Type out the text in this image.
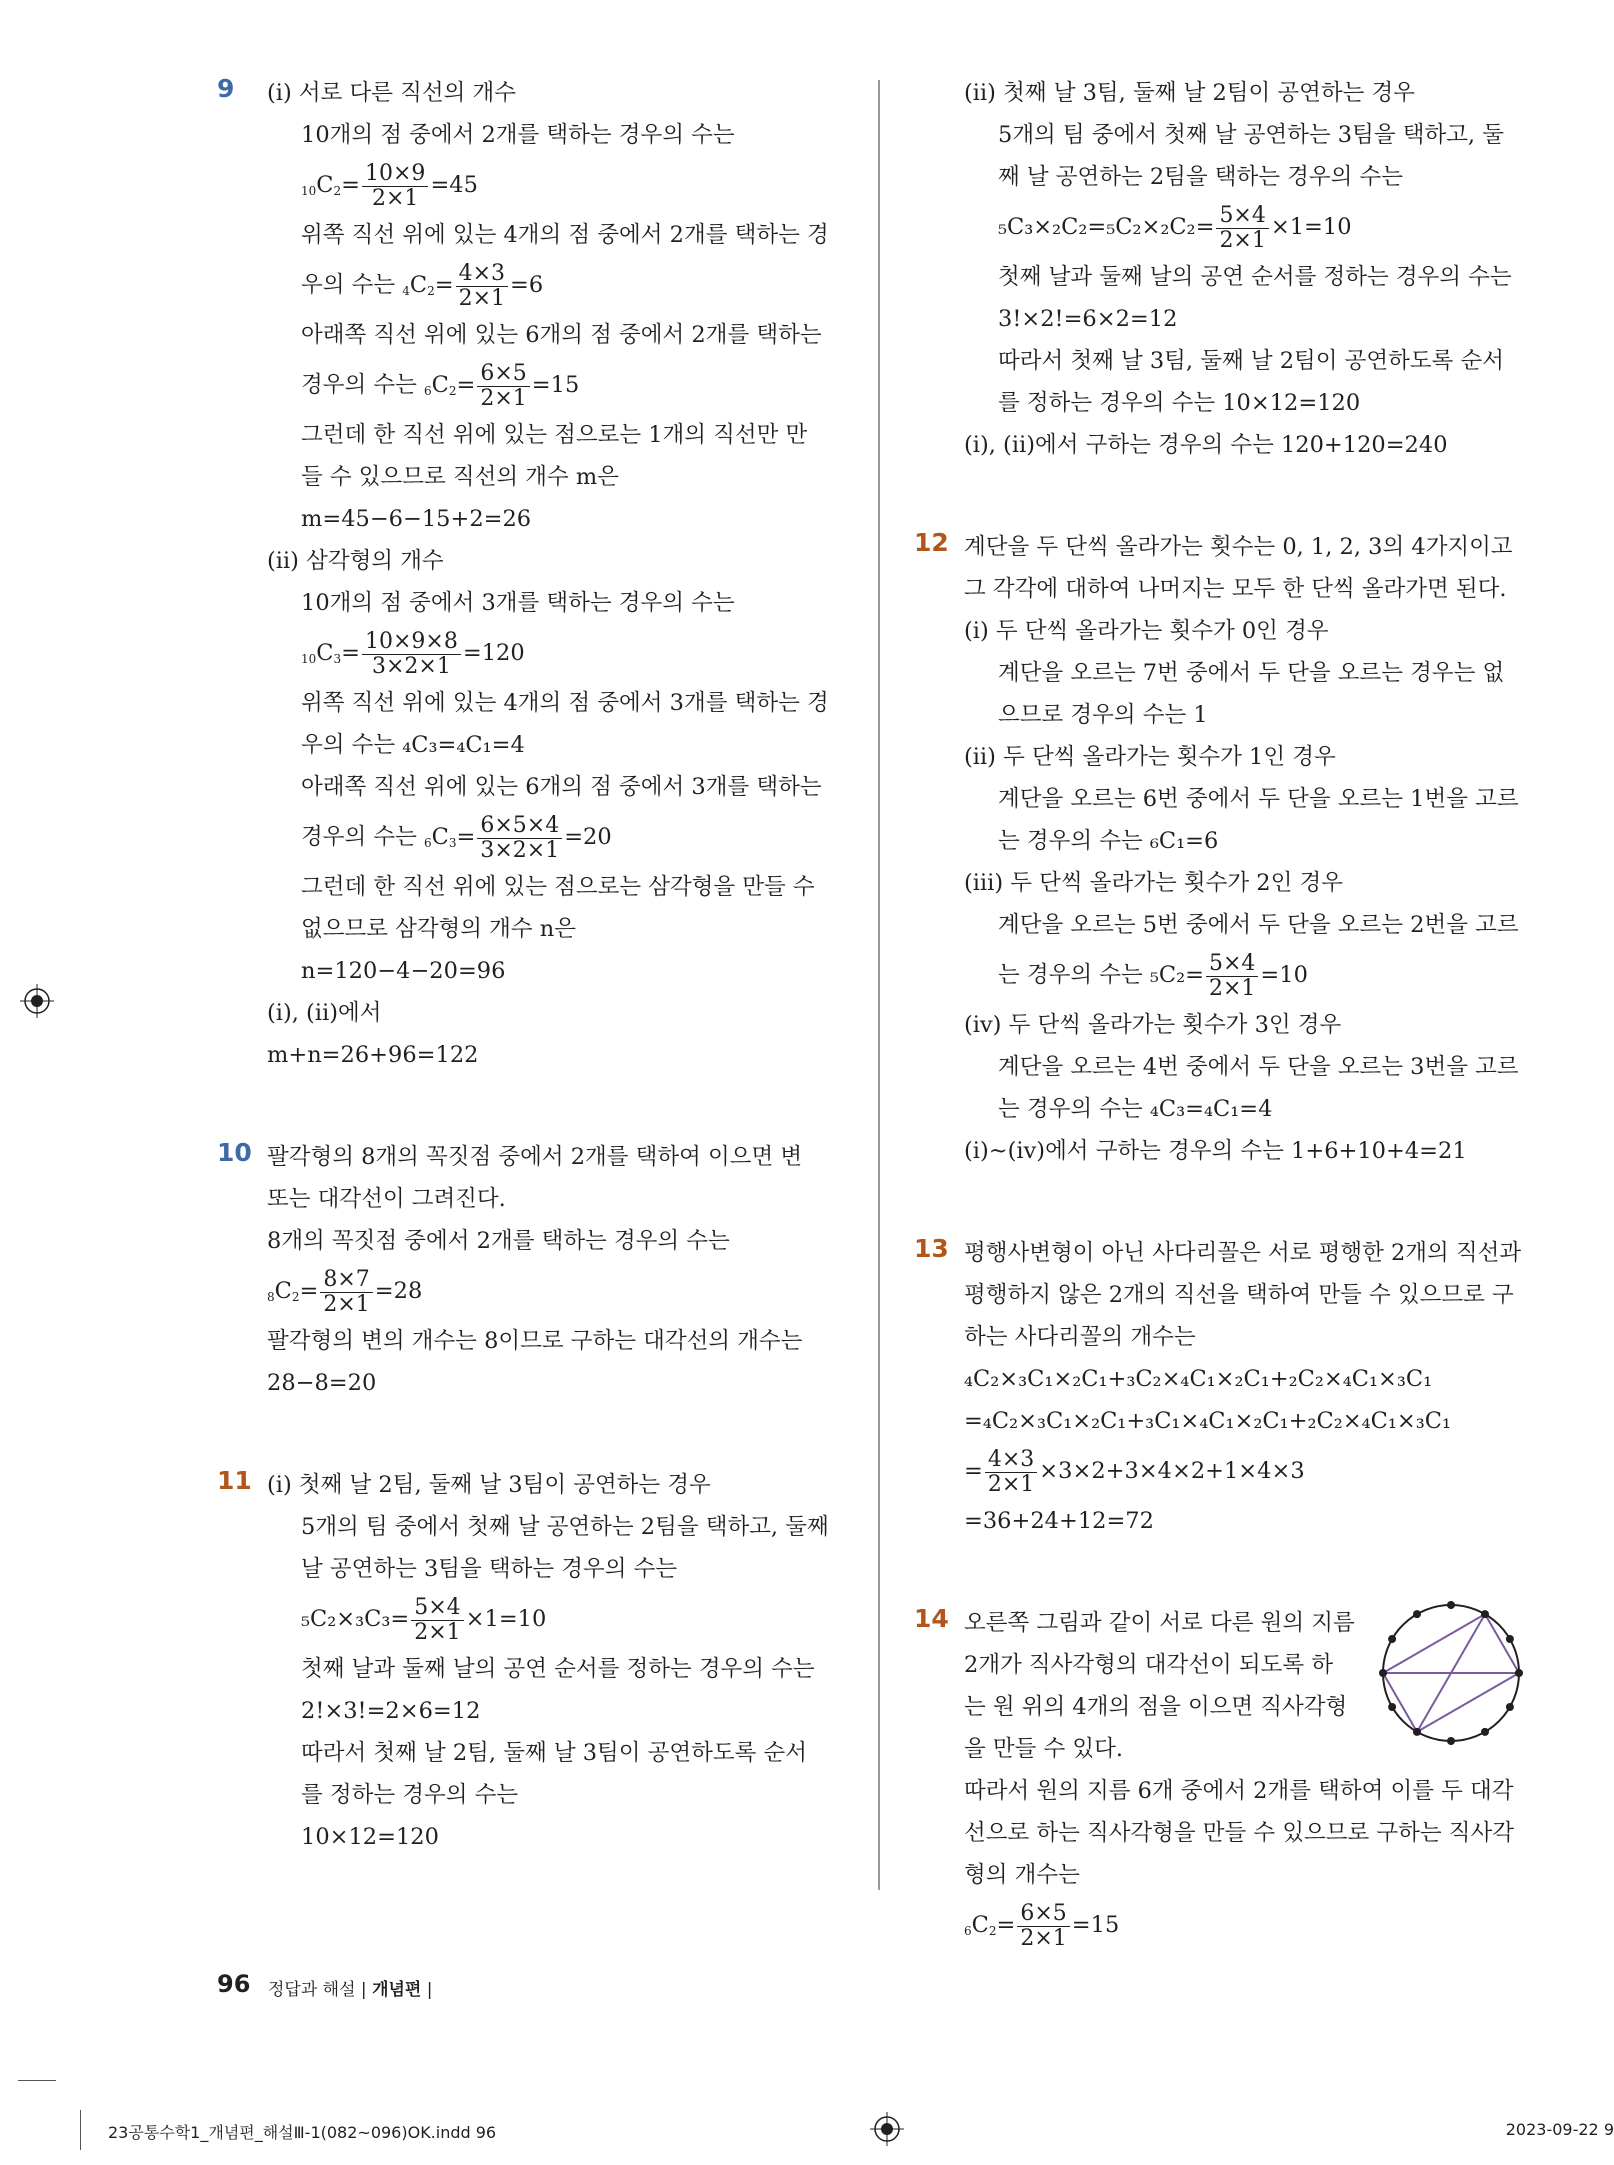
9 (ⅰ) 서로 다른 직선의 개수
10개의 점 중에서 2개를 택하는 경우의 수는
$_{10}C_2= \frac{10\times 9}{2\times 1} =45$
위쪽 직선 위에 있는 4개의 점 중에서 2개를 택하는 경
우의 수는 $_4C_2= \frac{4\times 3}{2\times 1} =6$
아래쪽 직선 위에 있는 6개의 점 중에서 2개를 택하는
경우의 수는 $_6C_2= \frac{6\times 5}{2\times 1} =15$
그런데 한 직선 위에 있는 점으로는 1개의 직선만 만
들 수 있으므로 직선의 개수 m은
m=45−6−15+2=26
(ⅱ) 삼각형의 개수
10개의 점 중에서 3개를 택하는 경우의 수는
$_{10}C_3= \frac{10\times 9\times 8}{3\times 2\times 1} =120$
위쪽 직선 위에 있는 4개의 점 중에서 3개를 택하는 경
우의 수는 ₄C₃=₄C₁=4
아래쪽 직선 위에 있는 6개의 점 중에서 3개를 택하는
경우의 수는 $_6C_3= \frac{6\times 5\times 4}{3\times 2\times 1} =20$
그런데 한 직선 위에 있는 점으로는 삼각형을 만들 수
없으므로 삼각형의 개수 n은
n=120−4−20=96
(ⅰ), (ⅱ)에서
m+n=26+96=122
10 팔각형의 8개의 꼭짓점 중에서 2개를 택하여 이으면 변
또는 대각선이 그려진다.
8개의 꼭짓점 중에서 2개를 택하는 경우의 수는
$_8C_2= \frac{8\times 7}{2\times 1} =28$
팔각형의 변의 개수는 8이므로 구하는 대각선의 개수는
28−8=20
11 (ⅰ) 첫째 날 2팀, 둘째 날 3팀이 공연하는 경우
5개의 팀 중에서 첫째 날 공연하는 2팀을 택하고, 둘째
날 공연하는 3팀을 택하는 경우의 수는
$_5C_2\times_3C_3= \frac{5\times 4}{2\times 1} \times 1=10$
첫째 날과 둘째 날의 공연 순서를 정하는 경우의 수는
2!×3!=2×6=12
따라서 첫째 날 2팀, 둘째 날 3팀이 공연하도록 순서
를 정하는 경우의 수는
10×12=120
(ⅱ) 첫째 날 3팀, 둘째 날 2팀이 공연하는 경우
5개의 팀 중에서 첫째 날 공연하는 3팀을 택하고, 둘
째 날 공연하는 2팀을 택하는 경우의 수는
$_5C_3\times_2C_2=_5C_2\times_2C_2= \frac{5\times 4}{2\times 1} \times 1=10$
첫째 날과 둘째 날의 공연 순서를 정하는 경우의 수는
3!×2!=6×2=12
따라서 첫째 날 3팀, 둘째 날 2팀이 공연하도록 순서
를 정하는 경우의 수는 10×12=120
(ⅰ), (ⅱ)에서 구하는 경우의 수는 120+120=240
12 계단을 두 단씩 올라가는 횟수는 0, 1, 2, 3의 4가지이고
그 각각에 대하여 나머지는 모두 한 단씩 올라가면 된다.
(ⅰ) 두 단씩 올라가는 횟수가 0인 경우
계단을 오르는 7번 중에서 두 단을 오르는 경우는 없
으므로 경우의 수는 1
(ⅱ) 두 단씩 올라가는 횟수가 1인 경우
계단을 오르는 6번 중에서 두 단을 오르는 1번을 고르
는 경우의 수는 ₆C₁=6
(ⅲ) 두 단씩 올라가는 횟수가 2인 경우
계단을 오르는 5번 중에서 두 단을 오르는 2번을 고르
는 경우의 수는 $_5C_2= \frac{5\times 4}{2\times 1} =10$
(ⅳ) 두 단씩 올라가는 횟수가 3인 경우
계단을 오르는 4번 중에서 두 단을 오르는 3번을 고르
는 경우의 수는 ₄C₃=₄C₁=4
(ⅰ)~(ⅳ)에서 구하는 경우의 수는 1+6+10+4=21
13 평행사변형이 아닌 사다리꼴은 서로 평행한 2개의 직선과
평행하지 않은 2개의 직선을 택하여 만들 수 있으므로 구
하는 사다리꼴의 개수는
₄C₂×₃C₁×₂C₁+₃C₂×₄C₁×₂C₁+₂C₂×₄C₁×₃C₁
=₄C₂×₃C₁×₂C₁+₃C₁×₄C₁×₂C₁+₂C₂×₄C₁×₃C₁
= $\frac{4\times 3}{2\times 1} \times 3\times 2+3\times 4\times 2+1\times 4\times 3$
=36+24+12=72
14 오른쪽 그림과 같이 서로 다른 원의 지름
2개가 직사각형의 대각선이 되도록 하
는 원 위의 4개의 점을 이으면 직사각형
을 만들 수 있다.
따라서 원의 지름 6개 중에서 2개를 택하여 이를 두 대각
선으로 하는 직사각형을 만들 수 있으므로 구하는 직사각
형의 개수는
$_6C_2= \frac{6\times 5}{2\times 1} =15$
96 정답과 해설 | 개념편 |
23공통수학1_개념편_해설Ⅲ-1(082~096)OK.indd 96	2023-09-22 9
